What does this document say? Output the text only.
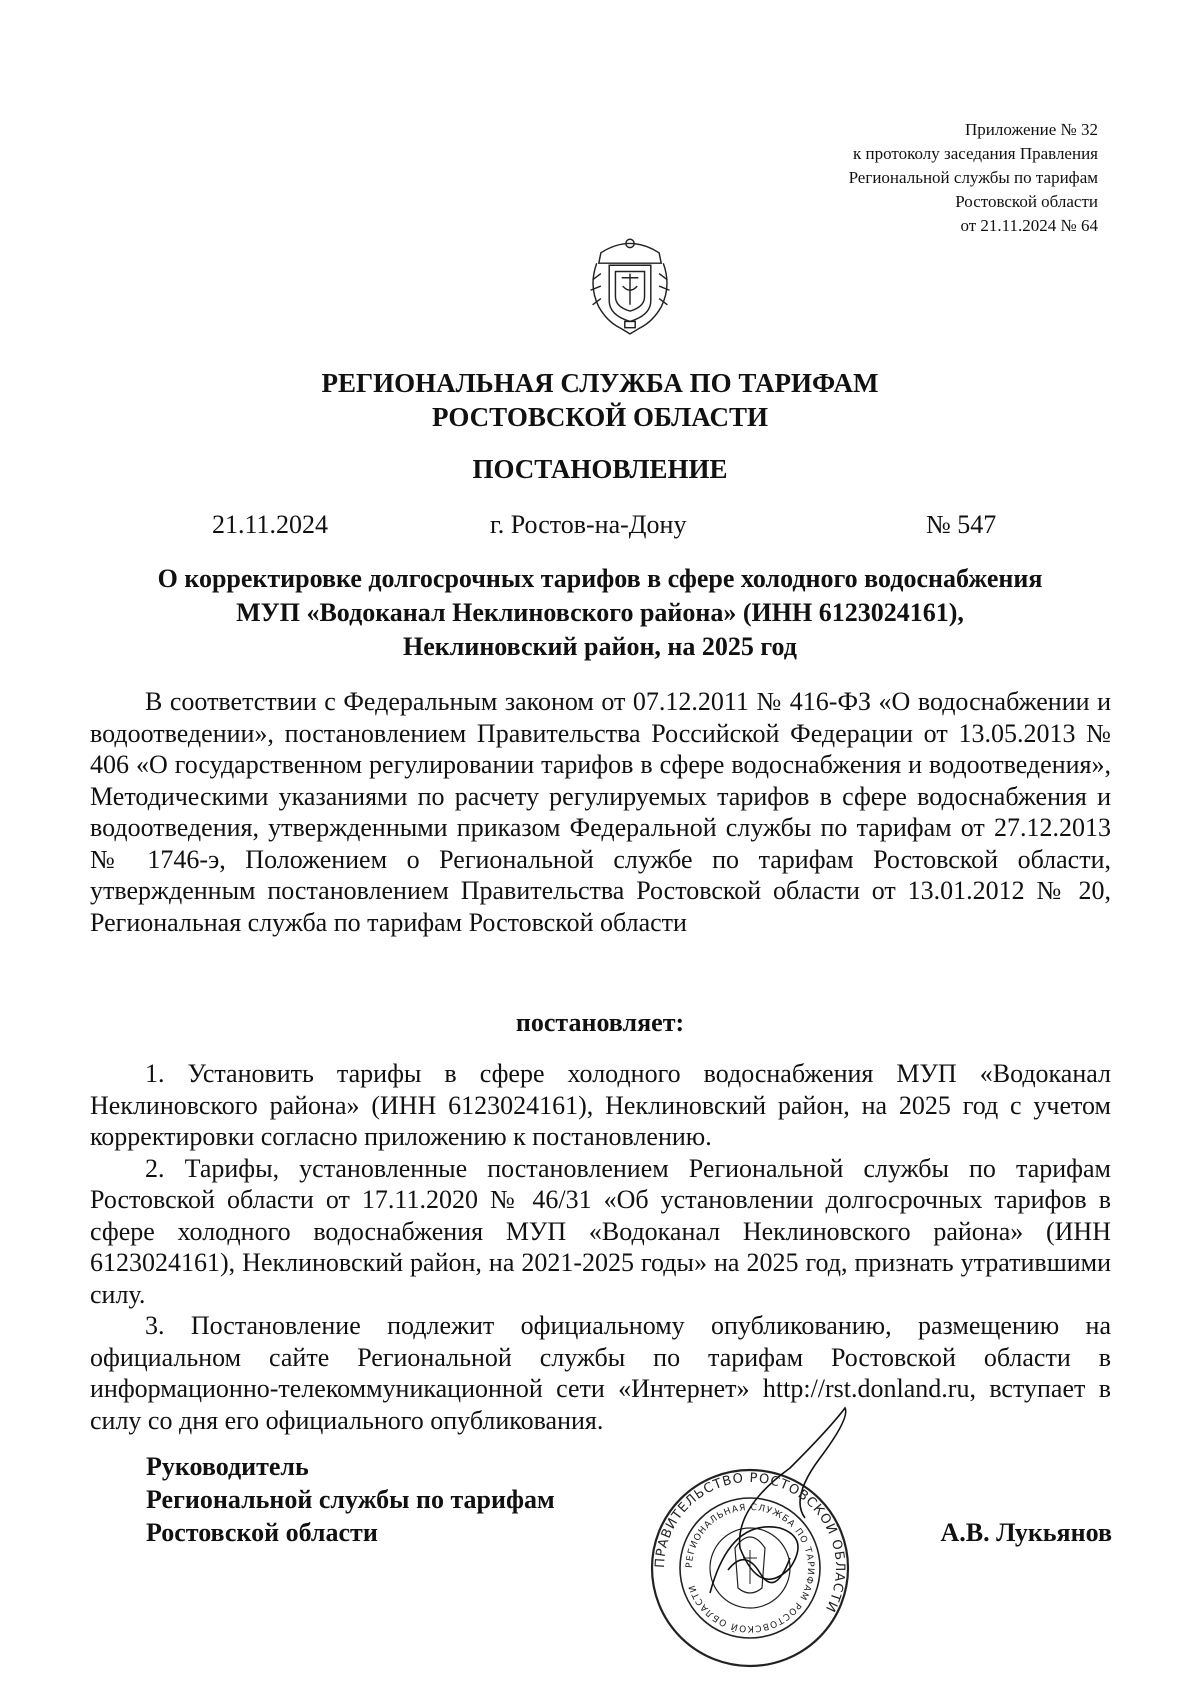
Приложение № 32
к протоколу заседания Правления
Региональной службы по тарифам
Ростовской области
от 21.11.2024 № 64
РЕГИОНАЛЬНАЯ СЛУЖБА ПО ТАРИФАМ
РОСТОВСКОЙ ОБЛАСТИ
ПОСТАНОВЛЕНИЕ
21.11.2024	г. Ростов-на-Дону	№ 547
О корректировке долгосрочных тарифов в сфере холодного водоснабжения
МУП «Водоканал Неклиновского района» (ИНН 6123024161),
Неклиновский район, на 2025 год

В соответствии с Федеральным законом от 07.12.2011 № 416-ФЗ «О водоснабжении и водоотведении», постановлением Правительства Российской Федерации от 13.05.2013 № 406 «О государственном регулировании тарифов в сфере водоснабжения и водоотведения», Методическими указаниями по расчету регулируемых тарифов в сфере водоснабжения и водоотведения, утвержденными приказом Федеральной службы по тарифам от 27.12.2013 № 1746-э, Положением о Региональной службе по тарифам Ростовской области, утвержденным постановлением Правительства Ростовской области от 13.01.2012 № 20, Региональная служба по тарифам Ростовской области

постановляет:

1. Установить тарифы в сфере холодного водоснабжения МУП «Водоканал Неклиновского района» (ИНН 6123024161), Неклиновский район, на 2025 год с учетом корректировки согласно приложению к постановлению.

2. Тарифы, установленные постановлением Региональной службы по тарифам Ростовской области от 17.11.2020 № 46/31 «Об установлении долгосрочных тарифов в сфере холодного водоснабжения МУП «Водоканал Неклиновского района» (ИНН 6123024161), Неклиновский район, на 2021-2025 годы» на 2025 год, признать утратившими силу.

3. Постановление подлежит официальному опубликованию, размещению на официальном сайте Региональной службы по тарифам Ростовской области в информационно-телекоммуникационной сети «Интернет» http://rst.donland.ru, вступает в силу со дня его официального опубликования.

Руководитель
Региональной службы по тарифам
Ростовской области
ПРАВИТЕЛЬСТВО РОСТОВСКОЙ ОБЛАСТИ
РЕГИОНАЛЬНАЯ СЛУЖБА ПО ТАРИФАМ РОСТОВСКОЙ ОБЛАСТИ
А.В. Лукьянов
